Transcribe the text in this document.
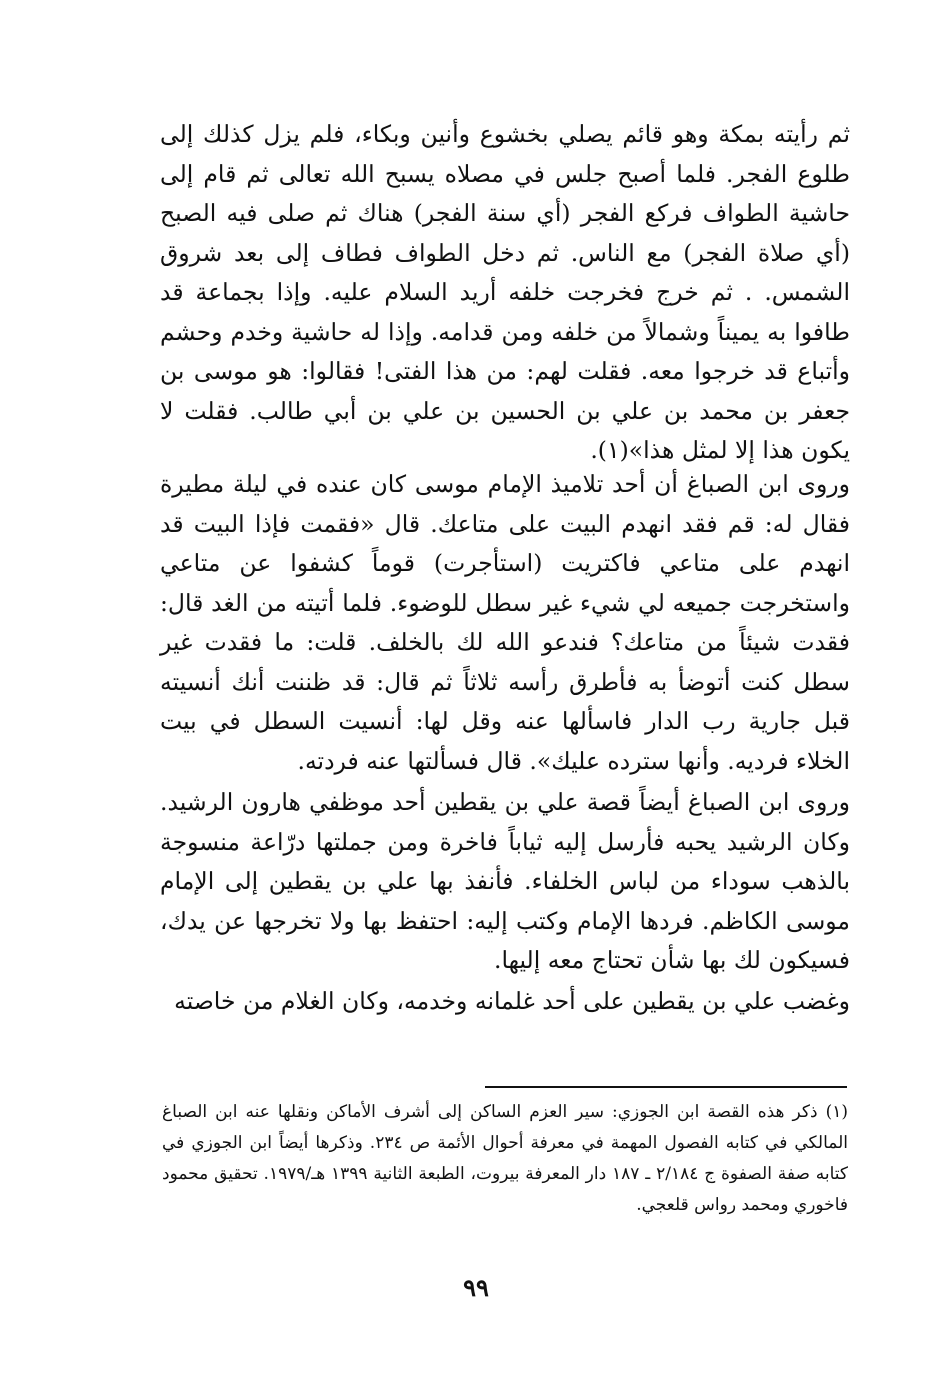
ثم رأيته بمكة وهو قائم يصلي بخشوع وأنين وبكاء، فلم يزل كذلك إلى طلوع الفجر. فلما أصبح جلس في مصلاه يسبح الله تعالى ثم قام إلى حاشية الطواف فركع الفجر (أي سنة الفجر) هناك ثم صلى فيه الصبح (أي صلاة الفجر) مع الناس. ثم دخل الطواف فطاف إلى بعد شروق الشمس. . ثم خرج فخرجت خلفه أريد السلام عليه. وإذا بجماعة قد طافوا به يميناً وشمالاً من خلفه ومن قدامه. وإذا له حاشية وخدم وحشم وأتباع قد خرجوا معه. فقلت لهم: من هذا الفتى! فقالوا: هو موسى بن جعفر بن محمد بن علي بن الحسين بن علي بن أبي طالب. فقلت لا يكون هذا إلا لمثل هذا»(١).

وروى ابن الصباغ أن أحد تلاميذ الإمام موسى كان عنده في ليلة مطيرة فقال له: قم فقد انهدم البيت على متاعك. قال «فقمت فإذا البيت قد انهدم على متاعي فاكتريت (استأجرت) قوماً كشفوا عن متاعي واستخرجت جميعه لي شيء غير سطل للوضوء. فلما أتيته من الغد قال: فقدت شيئاً من متاعك؟ فندعو الله لك بالخلف. قلت: ما فقدت غير سطل كنت أتوضأ به فأطرق رأسه ثلاثاً ثم قال: قد ظننت أنك أنسيته قبل جارية رب الدار فاسألها عنه وقل لها: أنسيت السطل في بيت الخلاء فرديه. وأنها سترده عليك». قال فسألتها عنه فردته.

وروى ابن الصباغ أيضاً قصة علي بن يقطين أحد موظفي هارون الرشيد. وكان الرشيد يحبه فأرسل إليه ثياباً فاخرة ومن جملتها درّاعة منسوجة بالذهب سوداء من لباس الخلفاء. فأنفذ بها علي بن يقطين إلى الإمام موسى الكاظم. فردها الإمام وكتب إليه: احتفظ بها ولا تخرجها عن يدك، فسيكون لك بها شأن تحتاج معه إليها.

وغضب علي بن يقطين على أحد غلمانه وخدمه، وكان الغلام من خاصته

(١) ذكر هذه القصة ابن الجوزي: سير العزم الساكن إلى أشرف الأماكن ونقلها عنه ابن الصباغ المالكي في كتابه الفصول المهمة في معرفة أحوال الأئمة ص ٢٣٤. وذكرها أيضاً ابن الجوزي في كتابه صفة الصفوة ج ٢/١٨٤ ـ ١٨٧ دار المعرفة بيروت، الطبعة الثانية ١٣٩٩ هـ/١٩٧٩. تحقيق محمود فاخوري ومحمد رواس قلعجي.

٩٩
